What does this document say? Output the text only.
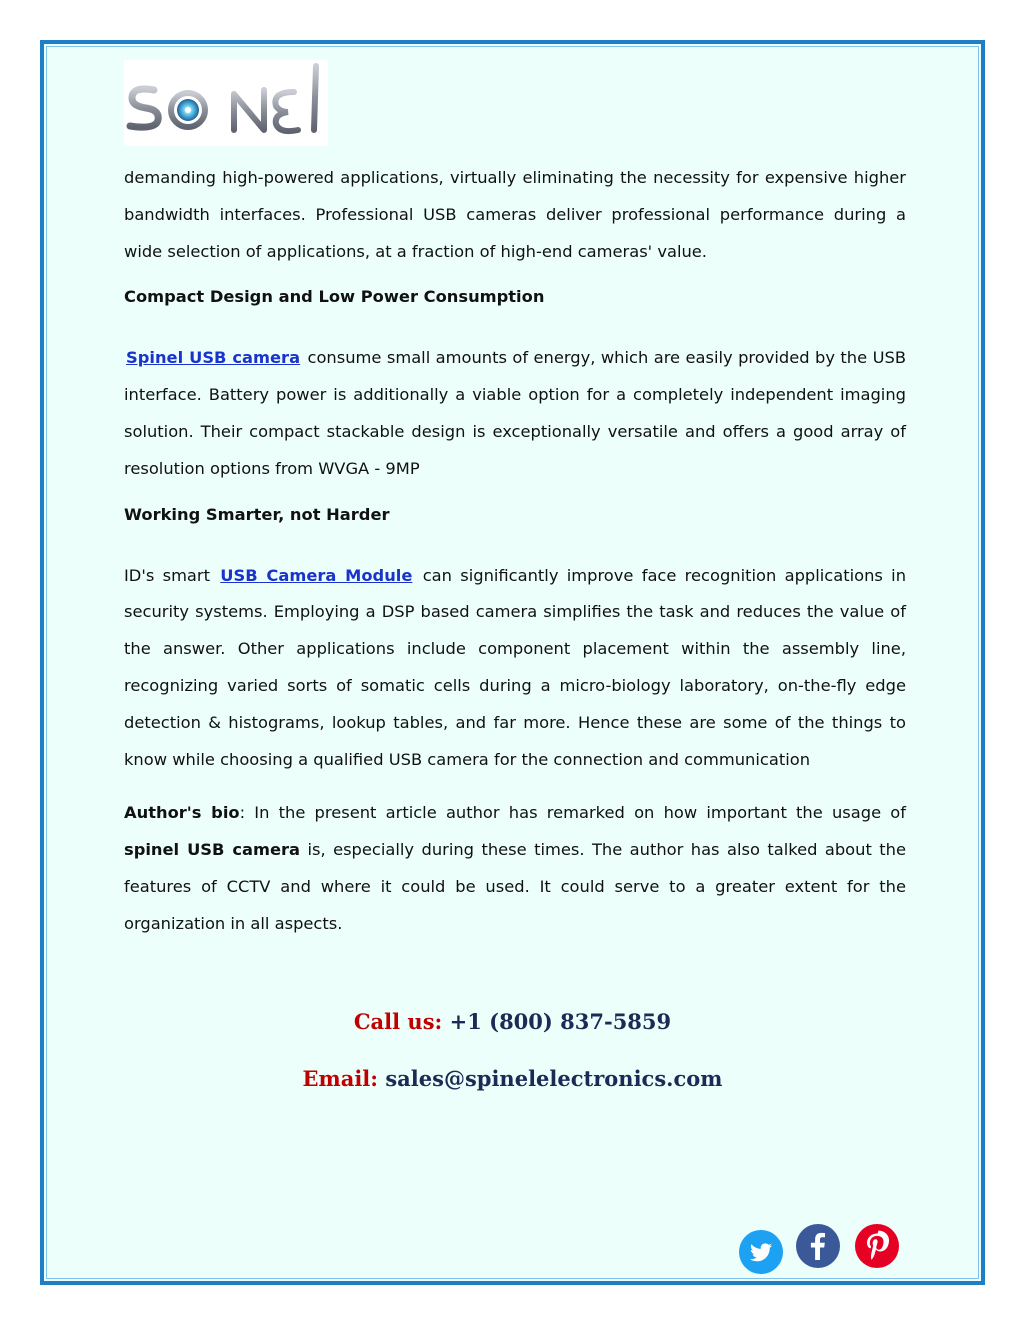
demanding high-powered applications, virtually eliminating the necessity for expensive higher bandwidth interfaces. Professional USB cameras deliver professional performance during a wide selection of applications, at a fraction of high-end cameras' value.

Compact Design and Low Power Consumption

Spinel USB camera consume small amounts of energy, which are easily provided by the USB interface. Battery power is additionally a viable option for a completely independent imaging solution. Their compact stackable design is exceptionally versatile and offers a good array of resolution options from WVGA - 9MP

Working Smarter, not Harder

ID's smart USB Camera Module can significantly improve face recognition applications in security systems. Employing a DSP based camera simplifies the task and reduces the value of the answer. Other applications include component placement within the assembly line, recognizing varied sorts of somatic cells during a micro-biology laboratory, on-the-fly edge detection & histograms, lookup tables, and far more. Hence these are some of the things to know while choosing a qualified USB camera for the connection and communication

Author's bio: In the present article author has remarked on how important the usage of spinel USB camera is, especially during these times. The author has also talked about the features of CCTV and where it could be used. It could serve to a greater extent for the organization in all aspects.

Call us: +1 (800) 837-5859
Email: sales@spinelelectronics.com
